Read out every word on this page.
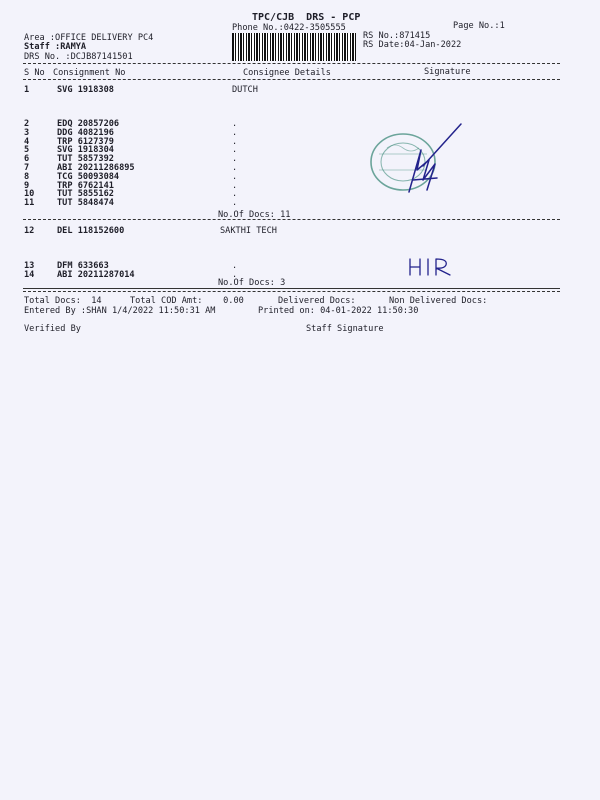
TPC/CJB  DRS - PCP
Phone No.:0422-3505555	Page No.:1
Area :OFFICE DELIVERY PC4
Staff :RAMYA
DRS No. :DCJB87141501
RS No.:871415
RS Date:04-Jan-2022
S No Consignment No	Consignee Details	Signature
1	SVG 1918308	DUTCH
2	EDQ 20857206	.
3	DDG 4082196	.
4	TRP 6127379	.
5	SVG 1918304	.
6	TUT 5857392	.
7	ABI 20211286895	.
8	TCG 50093084	.
9	TRP 6762141	.
10	TUT 5855162	.
11	TUT 5848474	.
No.Of Docs: 11
12	DEL 118152600	SAKTHI TECH
13	DFM 633663	.
14	ABI 20211287014	.
No.Of Docs: 3
Total Docs:  14	Total COD Amt:    0.00	Delivered Docs:	Non Delivered Docs:
Entered By :SHAN 1/4/2022 11:50:31 AM	Printed on: 04-01-2022 11:50:30
Verified By	Staff Signature
